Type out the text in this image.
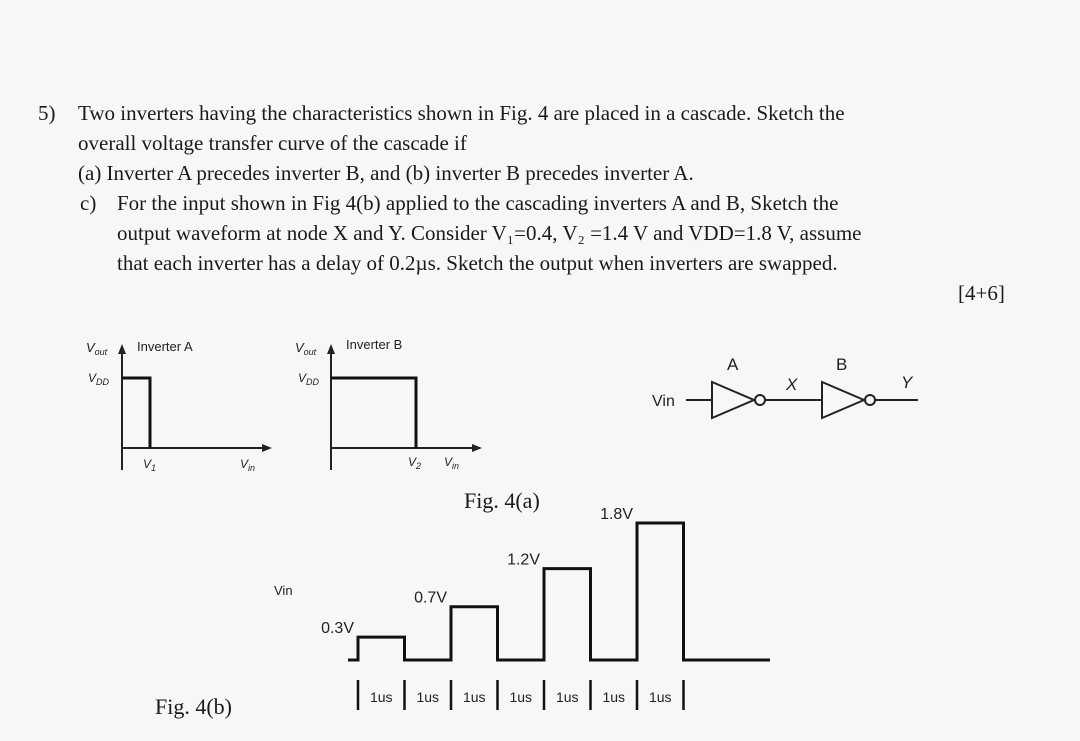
5) Two inverters having the characteristics shown in Fig. 4 are placed in a cascade. Sketch the
overall voltage transfer curve of the cascade if
(a) Inverter A precedes inverter B, and (b) inverter B precedes inverter A.
c) For the input shown in Fig 4(b) applied to the cascading inverters A and B, Sketch the
output waveform at node X and Y. Consider V₁=0.4, V₂ =1.4 V and VDD=1.8 V, assume
that each inverter has a delay of 0.2µs. Sketch the output when inverters are swapped.
[4+6]
$V_{out}$ Inverter A
$V_{DD}$
$V_1$	$V_{in}$
$V_{out}$ Inverter B
$V_{DD}$
$V_2$ $V_{in}$
Vin
A
X
B
Y
Vin
0.3V
0.7V
1.2V
1.8V
1us 1us 1us 1us 1us 1us 1us
Fig. 4(a)
Fig. 4(b)
